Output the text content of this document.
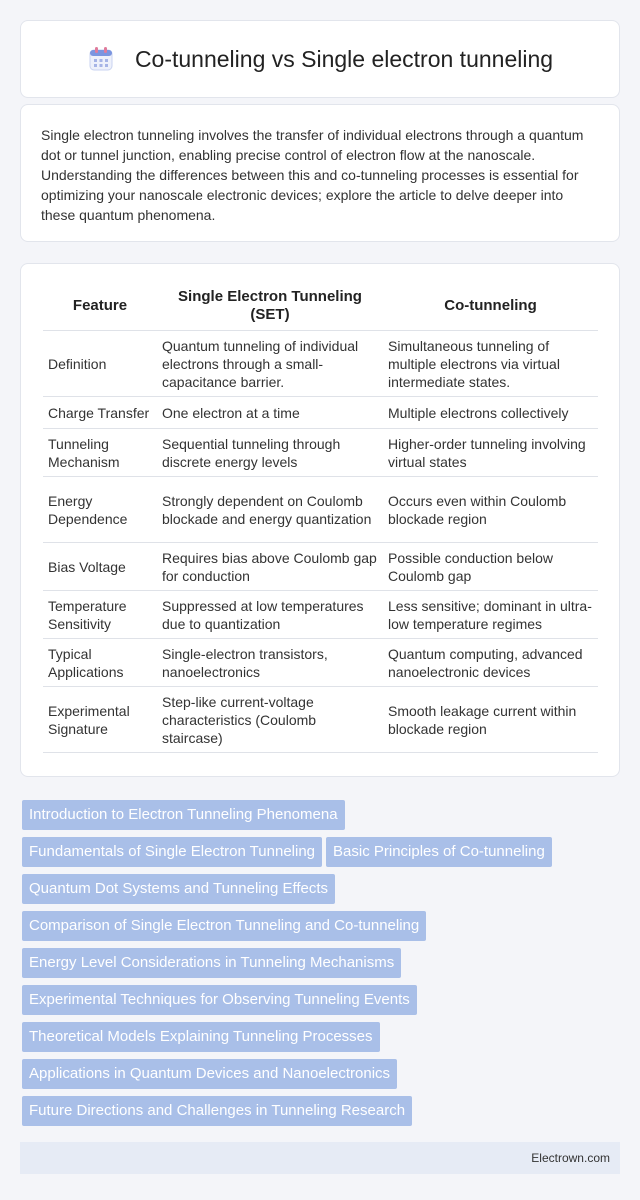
Co-tunneling vs Single electron tunneling

Single electron tunneling involves the transfer of individual electrons through a quantum dot or tunnel junction, enabling precise control of electron flow at the nanoscale. Understanding the differences between this and co-tunneling processes is essential for optimizing your nanoscale electronic devices; explore the article to delve deeper into these quantum phenomena.

Feature	Single Electron Tunneling (SET)	Co-tunneling
Definition	Quantum tunneling of individual electrons through a small-capacitance barrier.	Simultaneous tunneling of multiple electrons via virtual intermediate states.
Charge Transfer	One electron at a time	Multiple electrons collectively
Tunneling Mechanism	Sequential tunneling through discrete energy levels	Higher-order tunneling involving virtual states
Energy Dependence	Strongly dependent on Coulomb blockade and energy quantization	Occurs even within Coulomb blockade region
Bias Voltage	Requires bias above Coulomb gap for conduction	Possible conduction below Coulomb gap
Temperature Sensitivity	Suppressed at low temperatures due to quantization	Less sensitive; dominant in ultra-low temperature regimes
Typical Applications	Single-electron transistors, nanoelectronics	Quantum computing, advanced nanoelectronic devices
Experimental Signature	Step-like current-voltage characteristics (Coulomb staircase)	Smooth leakage current within blockade region
Introduction to Electron Tunneling Phenomena
Fundamentals of Single Electron Tunneling Basic Principles of Co-tunneling
Quantum Dot Systems and Tunneling Effects
Comparison of Single Electron Tunneling and Co-tunneling
Energy Level Considerations in Tunneling Mechanisms
Experimental Techniques for Observing Tunneling Events
Theoretical Models Explaining Tunneling Processes
Applications in Quantum Devices and Nanoelectronics
Future Directions and Challenges in Tunneling Research

Electrown.com
